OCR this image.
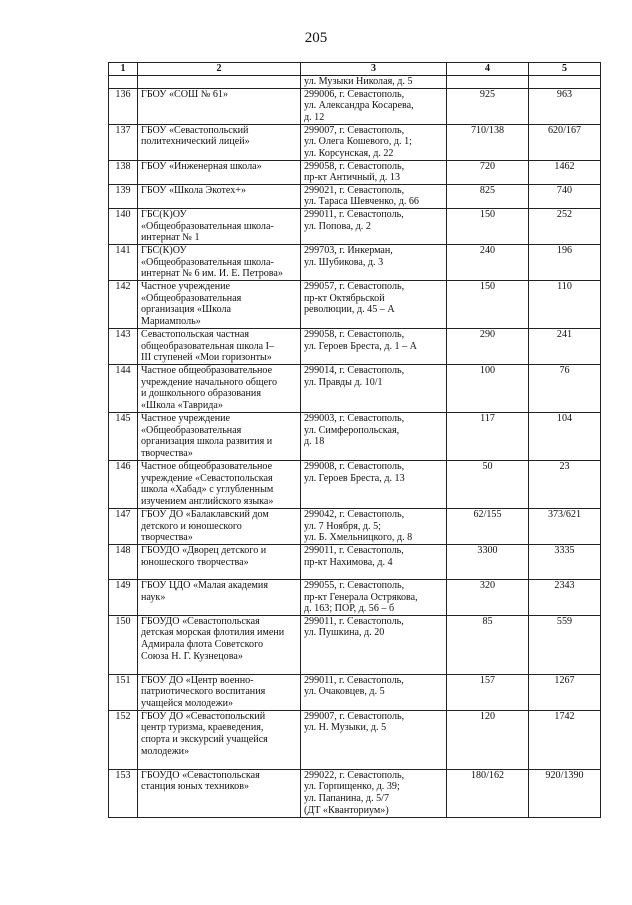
205
1	2	3	4	5

		ул. Музыки Николая, д. 5		

136	ГБОУ «СОШ № 61»	299006, г. Севастополь,
ул. Александра Косарева,
д. 12	925	963
137	ГБОУ «Севастопольский
политехнический лицей»	299007, г. Севастополь,
ул. Олега Кошевого, д. 1;
ул. Корсунская, д. 22	710/138	620/167
138	ГБОУ «Инженерная школа»	299058, г. Севастополь,
пр-кт Античный, д. 13	720	1462
139	ГБОУ «Школа Экотех+»	299021, г. Севастополь,
ул. Тараса Шевченко, д. 66	825	740
140	ГБС(К)ОУ
«Общеобразовательная школа-
интернат № 1	299011, г. Севастополь,
ул. Попова, д. 2	150	252
141	ГБС(К)ОУ
«Общеобразовательная школа-
интернат № 6 им. И. Е. Петрова»	299703, г. Инкерман,
ул. Шубикова, д. 3	240	196
142	Частное учреждение
«Общеобразовательная
организация «Школа
Мариамполь»	299057, г. Севастополь,
пр-кт Октябрьской
революции, д. 45 – А	150	110
143	Севастопольская частная
общеобразовательная школа I–
III ступеней «Мои горизонты»	299058, г. Севастополь,
ул. Героев Бреста, д. 1 – А	290	241
144	Частное общеобразовательное
учреждение начального общего
и дошкольного образования
«Школа «Таврида»	299014, г. Севастополь,
ул. Правды д. 10/1	100	76
145	Частное учреждение
«Общеобразовательная
организация школа развития и
творчества»	299003, г. Севастополь,
ул. Симферопольская,
д. 18	117	104
146	Частное общеобразовательное
учреждение «Севастопольская
школа «Хабад» с углубленным
изучением английского языка»	299008, г. Севастополь,
ул. Героев Бреста, д. 13	50	23
147	ГБОУ ДО «Балаклавский дом
детского и юношеского
творчества»	299042, г. Севастополь,
ул. 7 Ноября, д. 5;
ул. Б. Хмельницкого, д. 8	62/155	373/621
148	ГБОУДО «Дворец детского и
юношеского творчества»	299011, г. Севастополь,
пр-кт Нахимова, д. 4	3300	3335
149	ГБОУ ЦДО «Малая академия
наук»	299055, г. Севастополь,
пр-кт Генерала Острякова,
д. 163; ПОР, д. 56 – б	320	2343
150	ГБОУДО «Севастопольская
детская морская флотилия имени
Адмирала флота Советского
Союза Н. Г. Кузнецова»	299011, г. Севастополь,
ул. Пушкина, д. 20	85	559
151	ГБОУ ДО «Центр военно-
патриотического воспитания
учащейся молодежи»	299011, г. Севастополь,
ул. Очаковцев, д. 5	157	1267
152	ГБОУ ДО «Севастопольский
центр туризма, краеведения,
спорта и экскурсий учащейся
молодежи»	299007, г. Севастополь,
ул. Н. Музыки, д. 5	120	1742
153	ГБОУДО «Севастопольская
станция юных техников»	299022, г. Севастополь,
ул. Горпищенко, д. 39;
ул. Папанина, д. 5/7
(ДТ «Кванториум»)	180/162	920/1390
